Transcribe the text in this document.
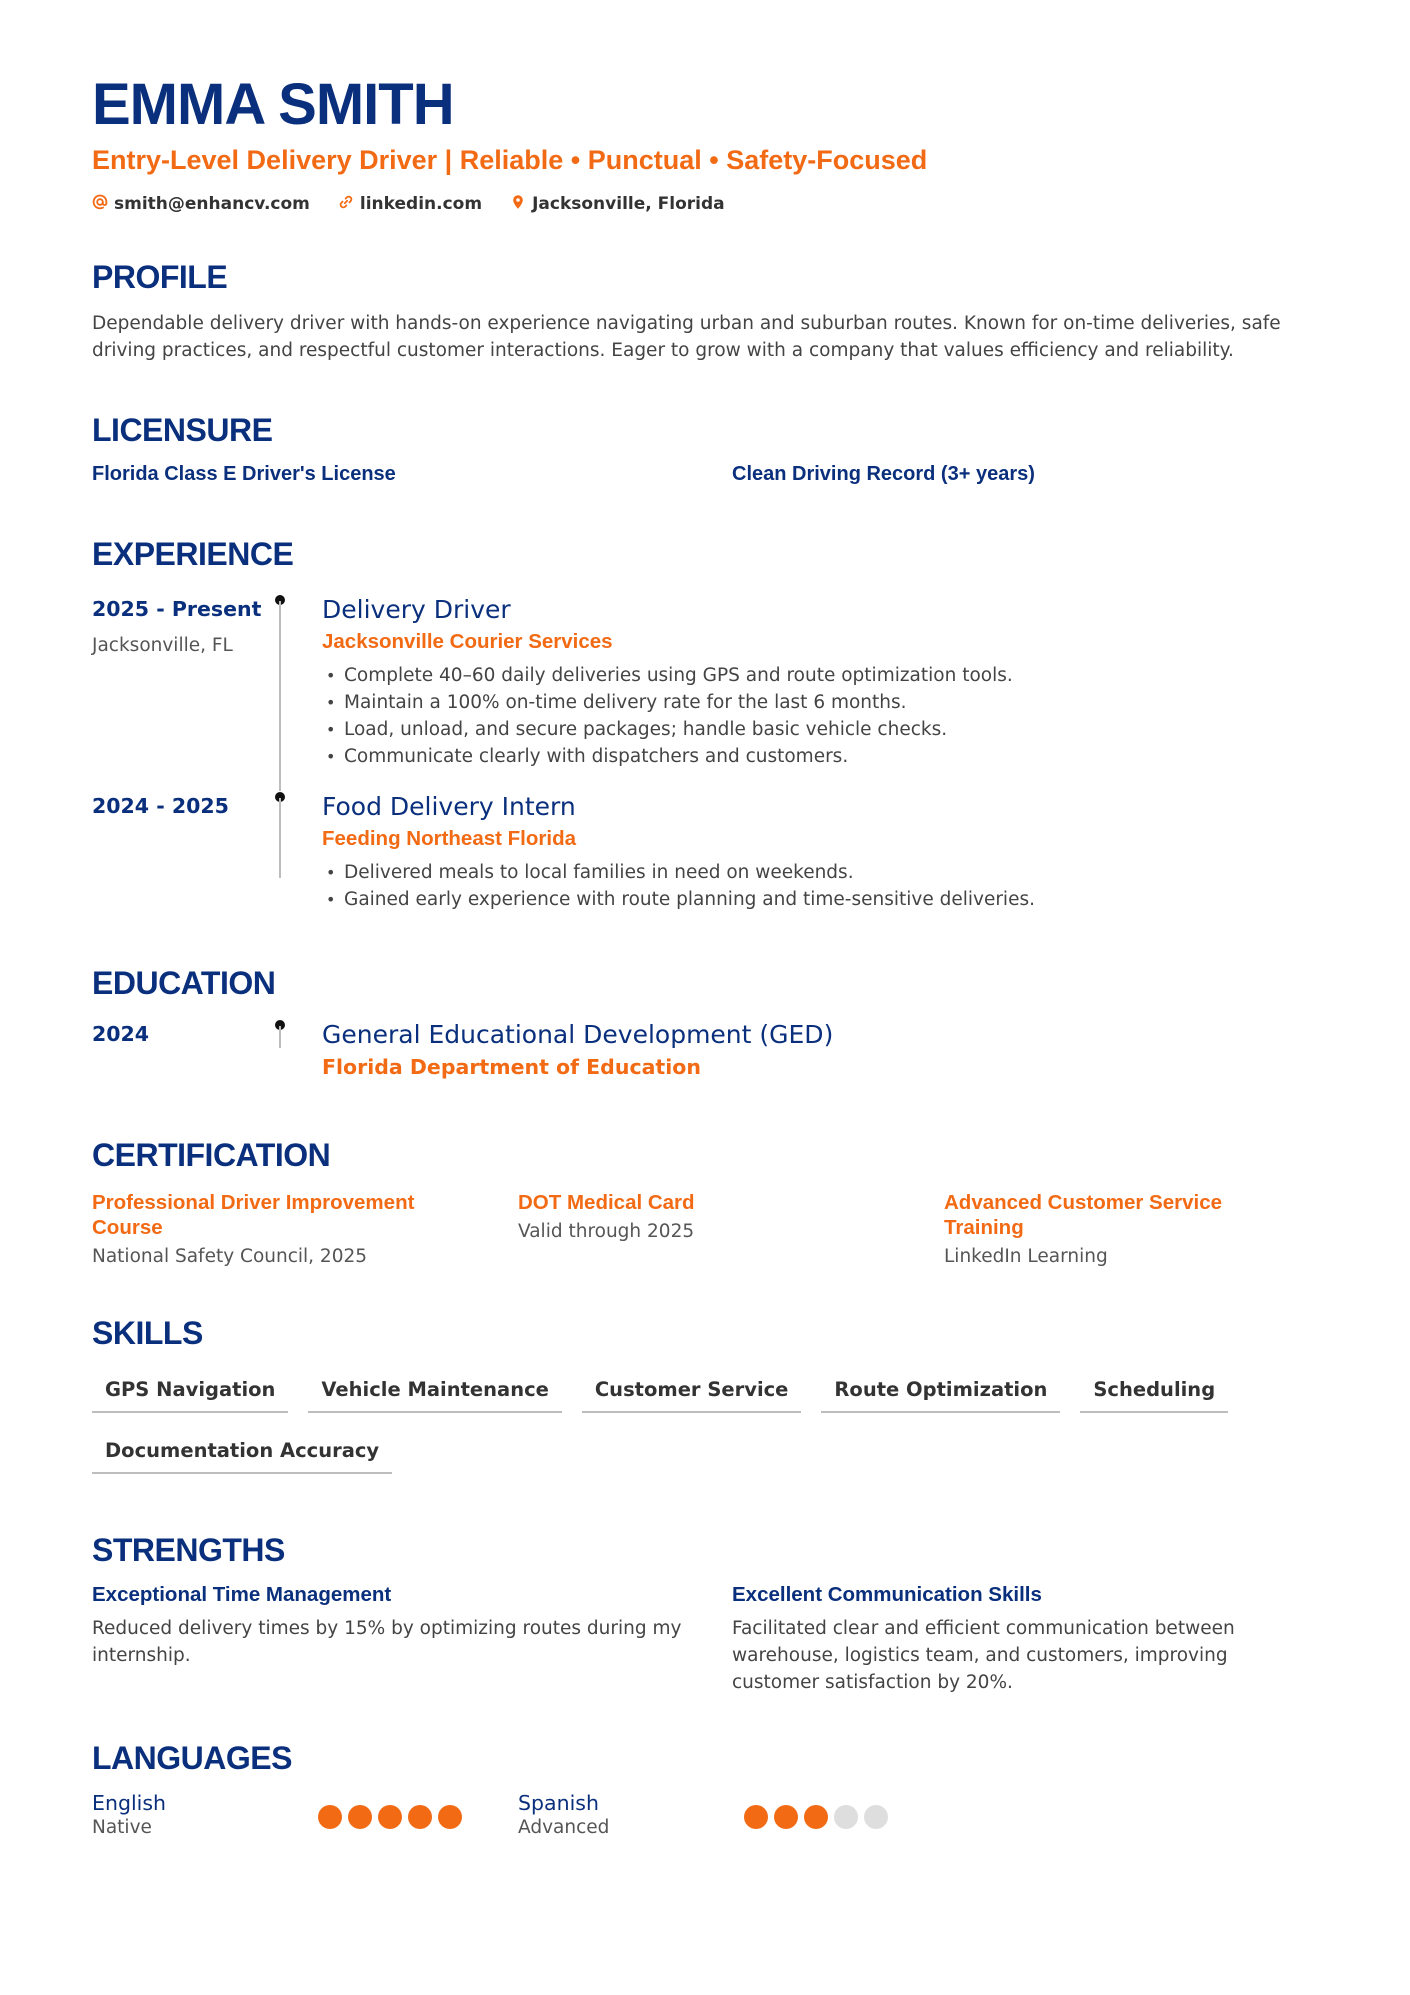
EMMA SMITH
Entry-Level Delivery Driver | Reliable • Punctual • Safety-Focused
smith@enhancv.com	linkedin.com	Jacksonville, Florida
PROFILE
Dependable delivery driver with hands-on experience navigating urban and suburban routes. Known for on-time deliveries, safe driving practices, and respectful customer interactions. Eager to grow with a company that values efficiency and reliability.
LICENSURE
Florida Class E Driver's License	Clean Driving Record (3+ years)
EXPERIENCE
2025 - Present
Jacksonville, FL
Delivery Driver
Jacksonville Courier Services
• Complete 40–60 daily deliveries using GPS and route optimization tools.
• Maintain a 100% on-time delivery rate for the last 6 months.
• Load, unload, and secure packages; handle basic vehicle checks.
• Communicate clearly with dispatchers and customers.
2024 - 2025	Food Delivery Intern
Feeding Northeast Florida
• Delivered meals to local families in need on weekends.
• Gained early experience with route planning and time-sensitive deliveries.
EDUCATION
2024	General Educational Development (GED)
Florida Department of Education
CERTIFICATION
Professional Driver Improvement Course
National Safety Council, 2025
DOT Medical Card
Valid through 2025
Advanced Customer Service Training
LinkedIn Learning
SKILLS
GPS Navigation	Vehicle Maintenance	Customer Service	Route Optimization	Scheduling
Documentation Accuracy
STRENGTHS
Exceptional Time Management
Reduced delivery times by 15% by optimizing routes during my internship.
Excellent Communication Skills
Facilitated clear and efficient communication between warehouse, logistics team, and customers, improving customer satisfaction by 20%.
LANGUAGES
English
Native
Spanish
Advanced
